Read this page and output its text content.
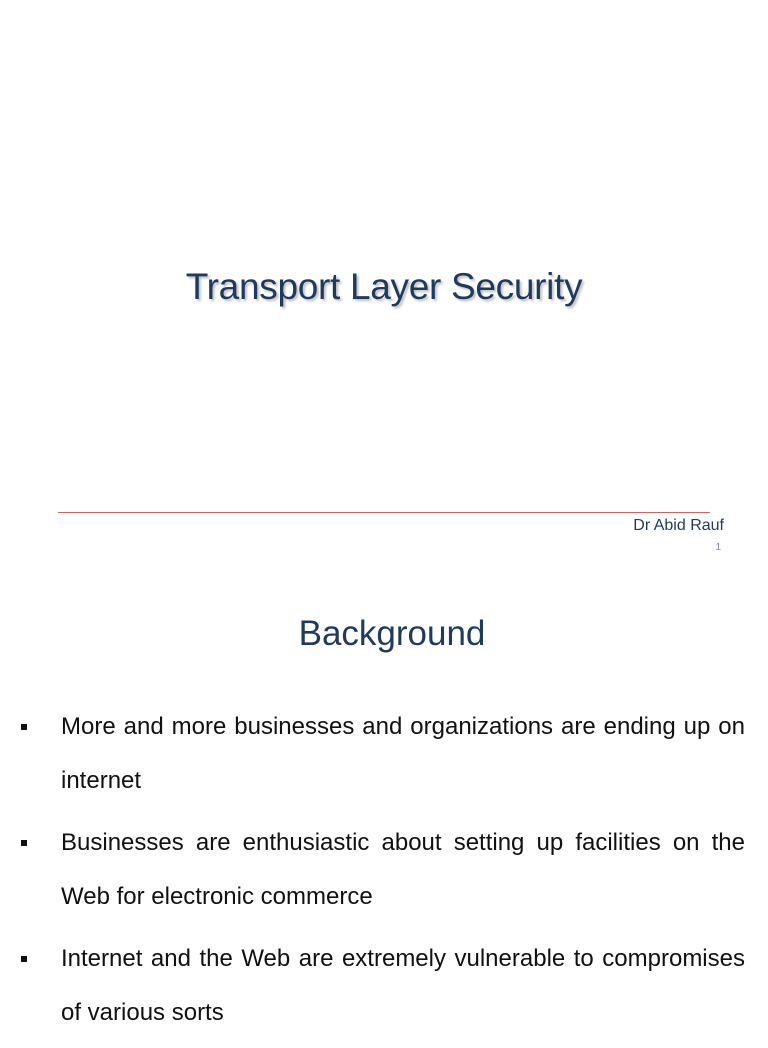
Transport Layer Security
Dr Abid Rauf
1
Background
More and more businesses and organizations are ending up on internet
Businesses are enthusiastic about setting up facilities on the Web for electronic commerce
Internet and the Web are extremely vulnerable to compromises of various sorts
